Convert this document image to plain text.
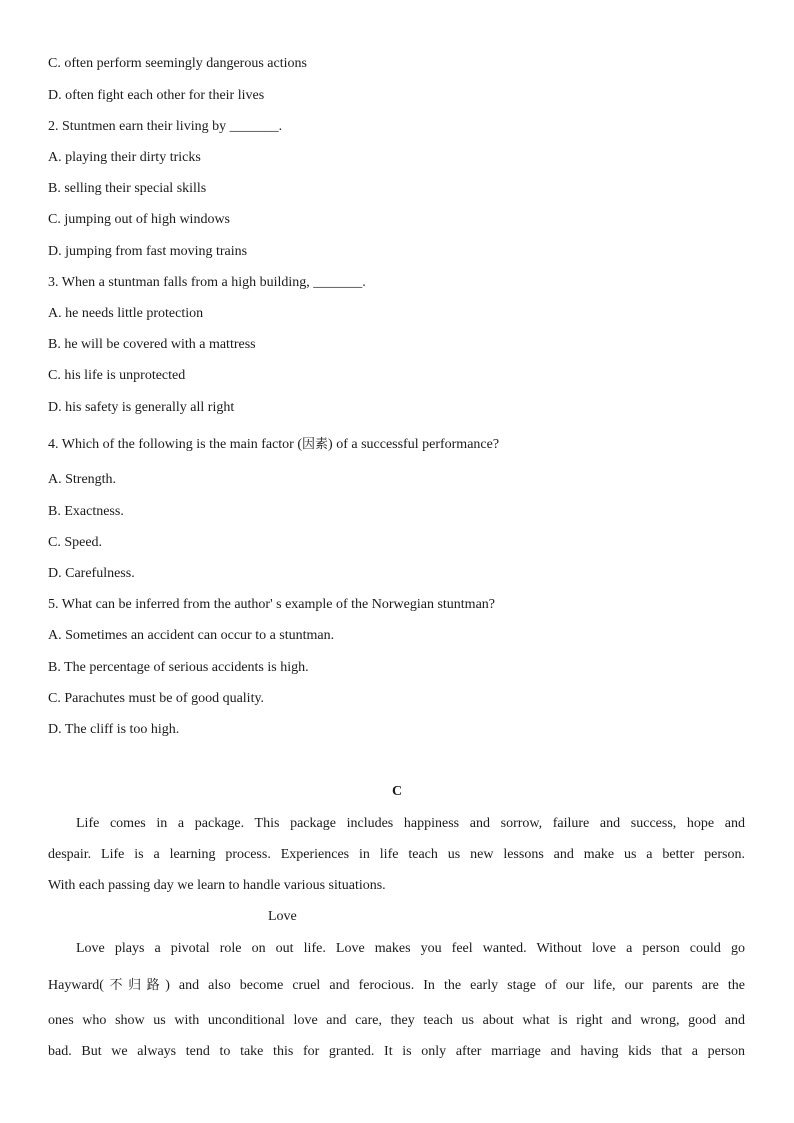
C. often perform seemingly dangerous actions
D. often fight each other for their lives
2. Stuntmen earn their living by _______.
A. playing their dirty tricks
B. selling their special skills
C. jumping out of high windows
D. jumping from fast moving trains
3. When a stuntman falls from a high building, _______.
A. he needs little protection
B. he will be covered with a mattress
C. his life is unprotected
D. his safety is generally all right
4. Which of the following is the main factor (因素) of a successful performance?
A. Strength.
B. Exactness.
C. Speed.
D. Carefulness.
5. What can be inferred from the author' s example of the Norwegian stuntman?
A. Sometimes an accident can occur to a stuntman.
B. The percentage of serious accidents is high.
C. Parachutes must be of good quality.
D. The cliff is too high.
C
Life comes in a package. This package includes happiness and sorrow, failure and success, hope and
despair. Life is a learning process. Experiences in life teach us new lessons and make us a better person.
With each passing day we learn to handle various situations.
Love
Love plays a pivotal role on out life. Love makes you feel wanted. Without love a person could go
Hayward(不归路) and also become cruel and ferocious. In the early stage of our life, our parents are the
ones who show us with unconditional love and care, they teach us about what is right and wrong, good and
bad. But we always tend to take this for granted. It is only after marriage and having kids that a person
